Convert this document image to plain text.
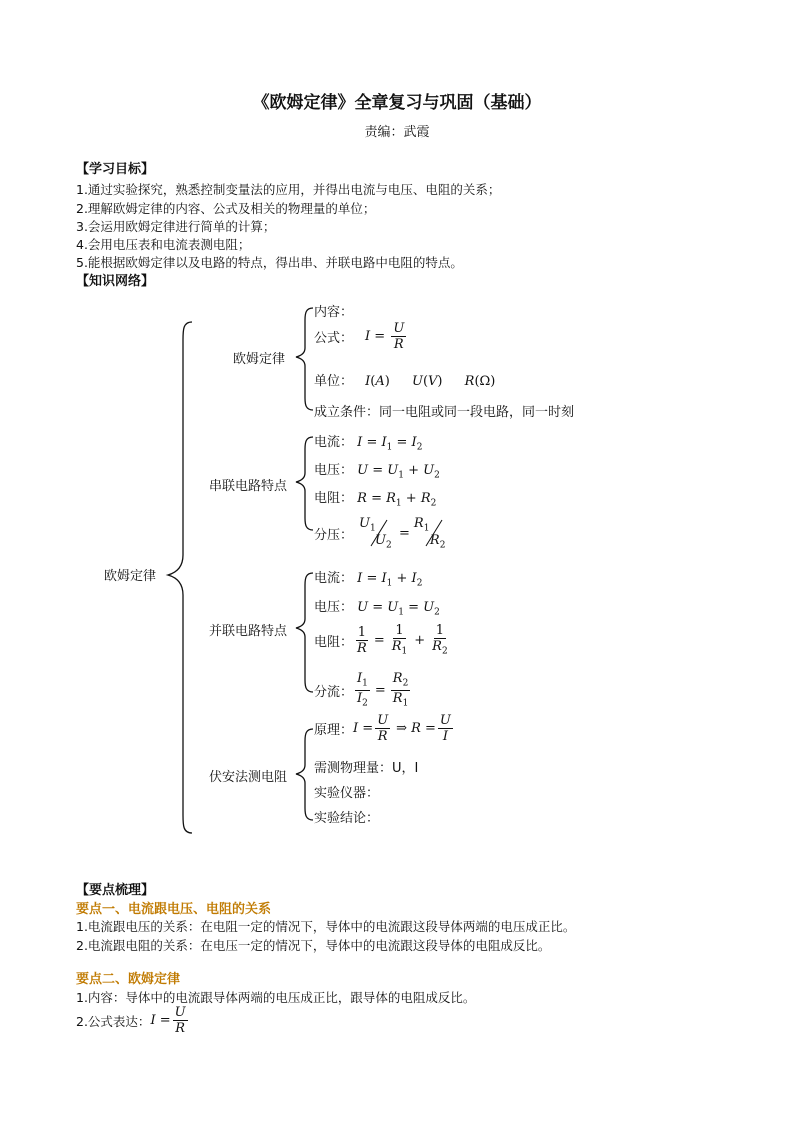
《欧姆定律》全章复习与巩固（基础）
责编：武霞
【学习目标】
1.通过实验探究，熟悉控制变量法的应用，并得出电流与电压、电阻的关系；
2.理解欧姆定律的内容、公式及相关的物理量的单位；
3.会运用欧姆定律进行简单的计算；
4.会用电压表和电流表测电阻；
5.能根据欧姆定律以及电路的特点，得出串、并联电路中电阻的特点。
【知识网络】
欧姆定律
欧姆定律
内容：
公式： $I = \frac{U}{R}$
单位： I(A) U(V) R(Ω)
成立条件：同一电阻或同一段电路，同一时刻
串联电路特点
电流： $I = I_1 = I_2$
电压： $U = U_1 + U_2$
电阻： $R = R_1 + R_2$
分压：
$U_1$
$U_2$
=
$R_1$
$R_2$
并联电路特点
电流： $I = I_1 + I_2$
电压： $U = U_1 = U_2$
电阻： $\frac{1}{R} = \frac{1}{R_1} + \frac{1}{R_2}$
分流： $\frac{I_1}{I_2} = \frac{R_2}{R_1}$
伏安法测电阻
原理： $I = \frac{U}{R}$ ⇒ $R = \frac{U}{I}$
需测物理量：U，I
实验仪器：
实验结论：
【要点梳理】
要点一、电流跟电压、电阻的关系
1.电流跟电压的关系：在电阻一定的情况下，导体中的电流跟这段导体两端的电压成正比。
2.电流跟电阻的关系：在电压一定的情况下，导体中的电流跟这段导体的电阻成反比。
要点二、欧姆定律
1.内容：导体中的电流跟导体两端的电压成正比，跟导体的电阻成反比。
2.公式表达： $I = \frac{U}{R}$
